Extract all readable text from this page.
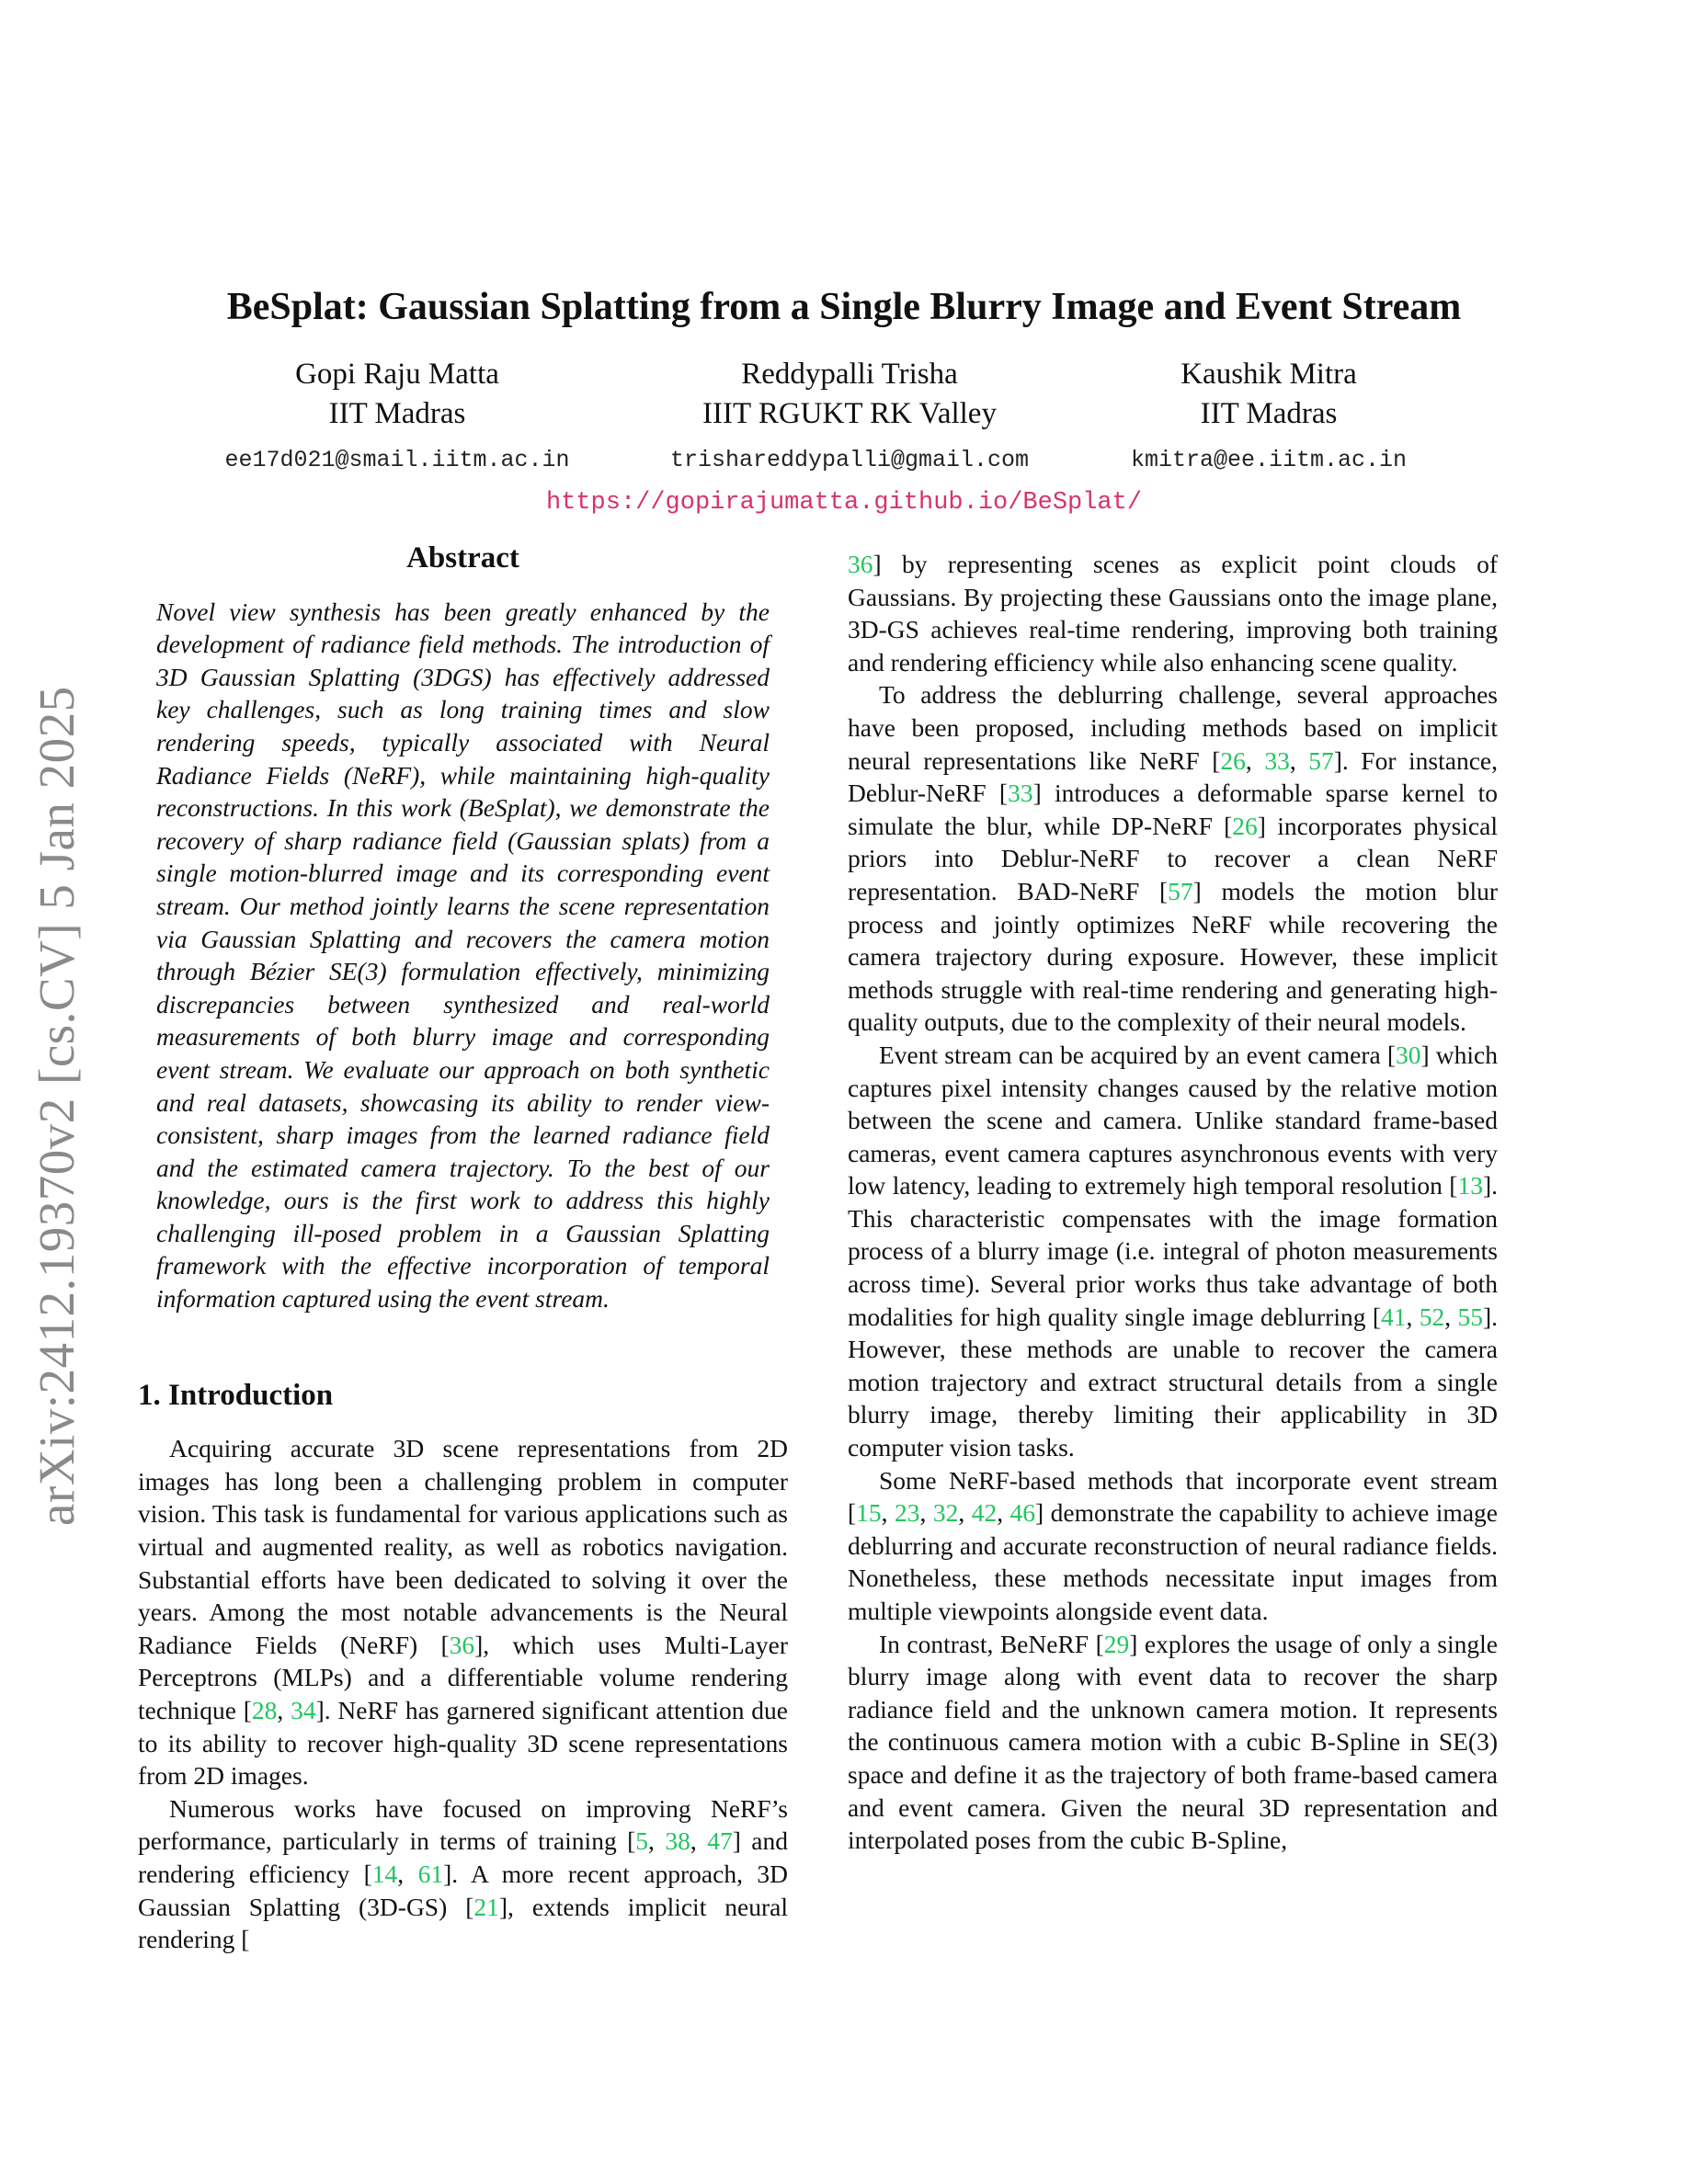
arXiv:2412.19370v2 [cs.CV] 5 Jan 2025
BeSplat: Gaussian Splatting from a Single Blurry Image and Event Stream
Gopi Raju Matta
IIT Madras
ee17d021@smail.iitm.ac.in
Reddypalli Trisha
IIIT RGUKT RK Valley
trishareddypalli@gmail.com
Kaushik Mitra
IIT Madras
kmitra@ee.iitm.ac.in
https://gopirajumatta.github.io/BeSplat/
Abstract

Novel view synthesis has been greatly enhanced by the development of radiance field methods. The introduction of 3D Gaussian Splatting (3DGS) has effectively addressed key challenges, such as long training times and slow rendering speeds, typically associated with Neural Radiance Fields (NeRF), while maintaining high-quality reconstructions. In this work (BeSplat), we demonstrate the recovery of sharp radiance field (Gaussian splats) from a single motion-blurred image and its corresponding event stream. Our method jointly learns the scene representation via Gaussian Splatting and recovers the camera motion through Bézier SE(3) formulation effectively, minimizing discrepancies between synthesized and real-world measurements of both blurry image and corresponding event stream. We evaluate our approach on both synthetic and real datasets, showcasing its ability to render view-consistent, sharp images from the learned radiance field and the estimated camera trajectory. To the best of our knowledge, ours is the first work to address this highly challenging ill-posed problem in a Gaussian Splatting framework with the effective incorporation of temporal information captured using the event stream.

1. Introduction

Acquiring accurate 3D scene representations from 2D images has long been a challenging problem in computer vision. This task is fundamental for various applications such as virtual and augmented reality, as well as robotics navigation. Substantial efforts have been dedicated to solving it over the years. Among the most notable advancements is the Neural Radiance Fields (NeRF) [36], which uses Multi-Layer Perceptrons (MLPs) and a differentiable volume rendering technique [28, 34]. NeRF has garnered significant attention due to its ability to recover high-quality 3D scene representations from 2D images.

Numerous works have focused on improving NeRF’s performance, particularly in terms of training [5, 38, 47] and rendering efficiency [14, 61]. A more recent approach, 3D Gaussian Splatting (3D-GS) [21], extends implicit neural rendering [

36] by representing scenes as explicit point clouds of Gaussians. By projecting these Gaussians onto the image plane, 3D-GS achieves real-time rendering, improving both training and rendering efficiency while also enhancing scene quality.

To address the deblurring challenge, several approaches have been proposed, including methods based on implicit neural representations like NeRF [26, 33, 57]. For instance, Deblur-NeRF [33] introduces a deformable sparse kernel to simulate the blur, while DP-NeRF [26] incorporates physical priors into Deblur-NeRF to recover a clean NeRF representation. BAD-NeRF [57] models the motion blur process and jointly optimizes NeRF while recovering the camera trajectory during exposure. However, these implicit methods struggle with real-time rendering and generating high-quality outputs, due to the complexity of their neural models.

Event stream can be acquired by an event camera [30] which captures pixel intensity changes caused by the relative motion between the scene and camera. Unlike standard frame-based cameras, event camera captures asynchronous events with very low latency, leading to extremely high temporal resolution [13]. This characteristic compensates with the image formation process of a blurry image (i.e. integral of photon measurements across time). Several prior works thus take advantage of both modalities for high quality single image deblurring [41, 52, 55]. However, these methods are unable to recover the camera motion trajectory and extract structural details from a single blurry image, thereby limiting their applicability in 3D computer vision tasks.

Some NeRF-based methods that incorporate event stream [15, 23, 32, 42, 46] demonstrate the capability to achieve image deblurring and accurate reconstruction of neural radiance fields. Nonetheless, these methods necessitate input images from multiple viewpoints alongside event data.

In contrast, BeNeRF [29] explores the usage of only a single blurry image along with event data to recover the sharp radiance field and the unknown camera motion. It represents the continuous camera motion with a cubic B-Spline in SE(3) space and define it as the trajectory of both frame-based camera and event camera. Given the neural 3D representation and interpolated poses from the cubic B-Spline,
